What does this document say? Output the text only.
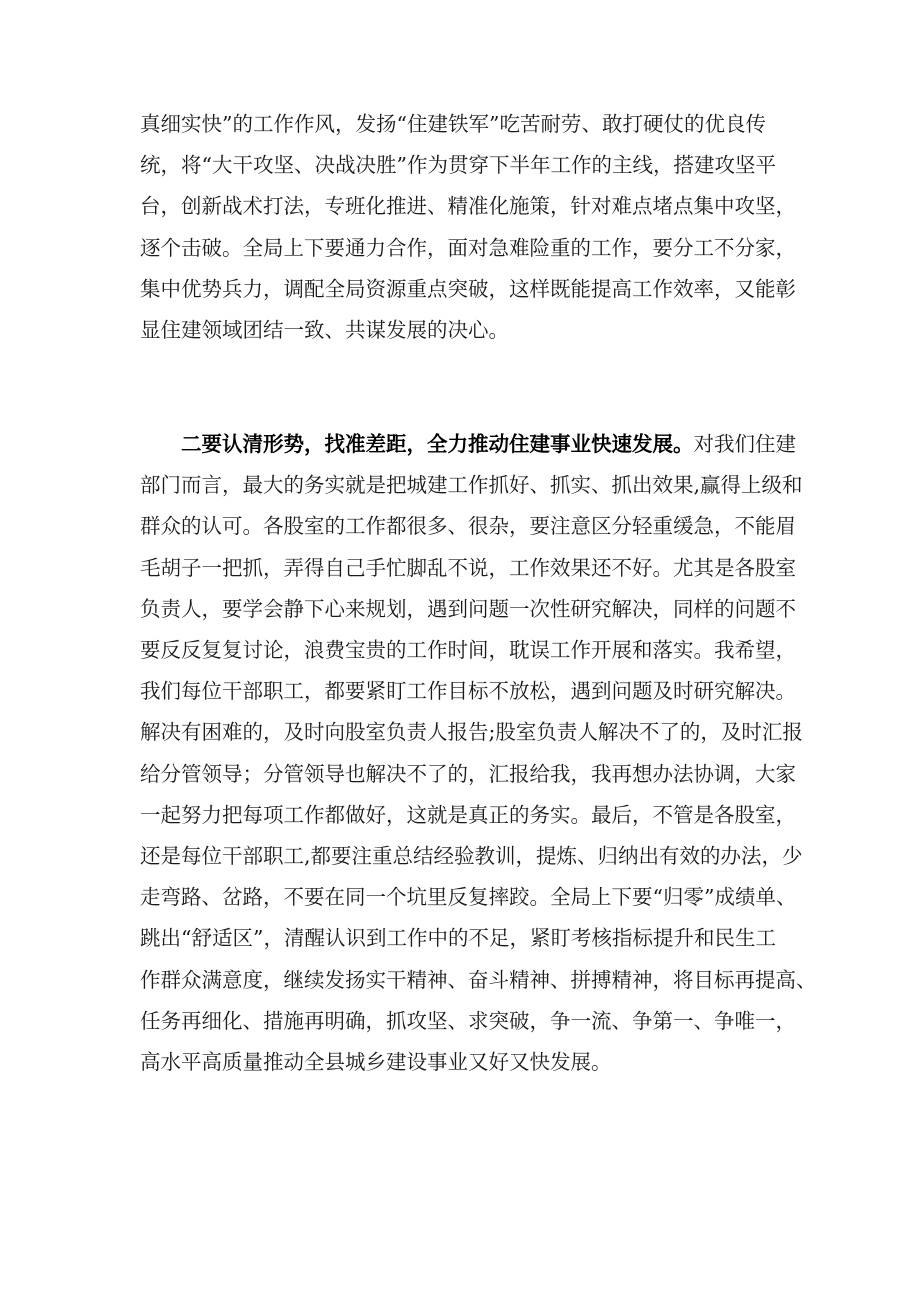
真细实快”的工作作风，发扬“住建铁军”吃苦耐劳、敢打硬仗的优良传
统，将“大干攻坚、决战决胜”作为贯穿下半年工作的主线，搭建攻坚平
台，创新战术打法，专班化推进、精准化施策，针对难点堵点集中攻坚，
逐个击破。全局上下要通力合作，面对急难险重的工作，要分工不分家，
集中优势兵力，调配全局资源重点突破，这样既能提高工作效率，又能彰
显住建领域团结一致、共谋发展的决心。
二要认清形势，找准差距，全力推动住建事业快速发展。对我们住建
部门而言，最大的务实就是把城建工作抓好、抓实、抓出效果,赢得上级和
群众的认可。各股室的工作都很多、很杂，要注意区分轻重缓急，不能眉
毛胡子一把抓，弄得自己手忙脚乱不说，工作效果还不好。尤其是各股室
负责人，要学会静下心来规划，遇到问题一次性研究解决，同样的问题不
要反反复复讨论，浪费宝贵的工作时间，耽误工作开展和落实。我希望，
我们每位干部职工，都要紧盯工作目标不放松，遇到问题及时研究解决。
解决有困难的，及时向股室负责人报告;股室负责人解决不了的，及时汇报
给分管领导；分管领导也解决不了的，汇报给我，我再想办法协调，大家
一起努力把每项工作都做好，这就是真正的务实。最后，不管是各股室，
还是每位干部职工,都要注重总结经验教训，提炼、归纳出有效的办法，少
走弯路、岔路，不要在同一个坑里反复摔跤。全局上下要“归零”成绩单、
跳出“舒适区”，清醒认识到工作中的不足，紧盯考核指标提升和民生工
作群众满意度，继续发扬实干精神、奋斗精神、拼搏精神，将目标再提高、
任务再细化、措施再明确，抓攻坚、求突破，争一流、争第一、争唯一，
高水平高质量推动全县城乡建设事业又好又快发展。
